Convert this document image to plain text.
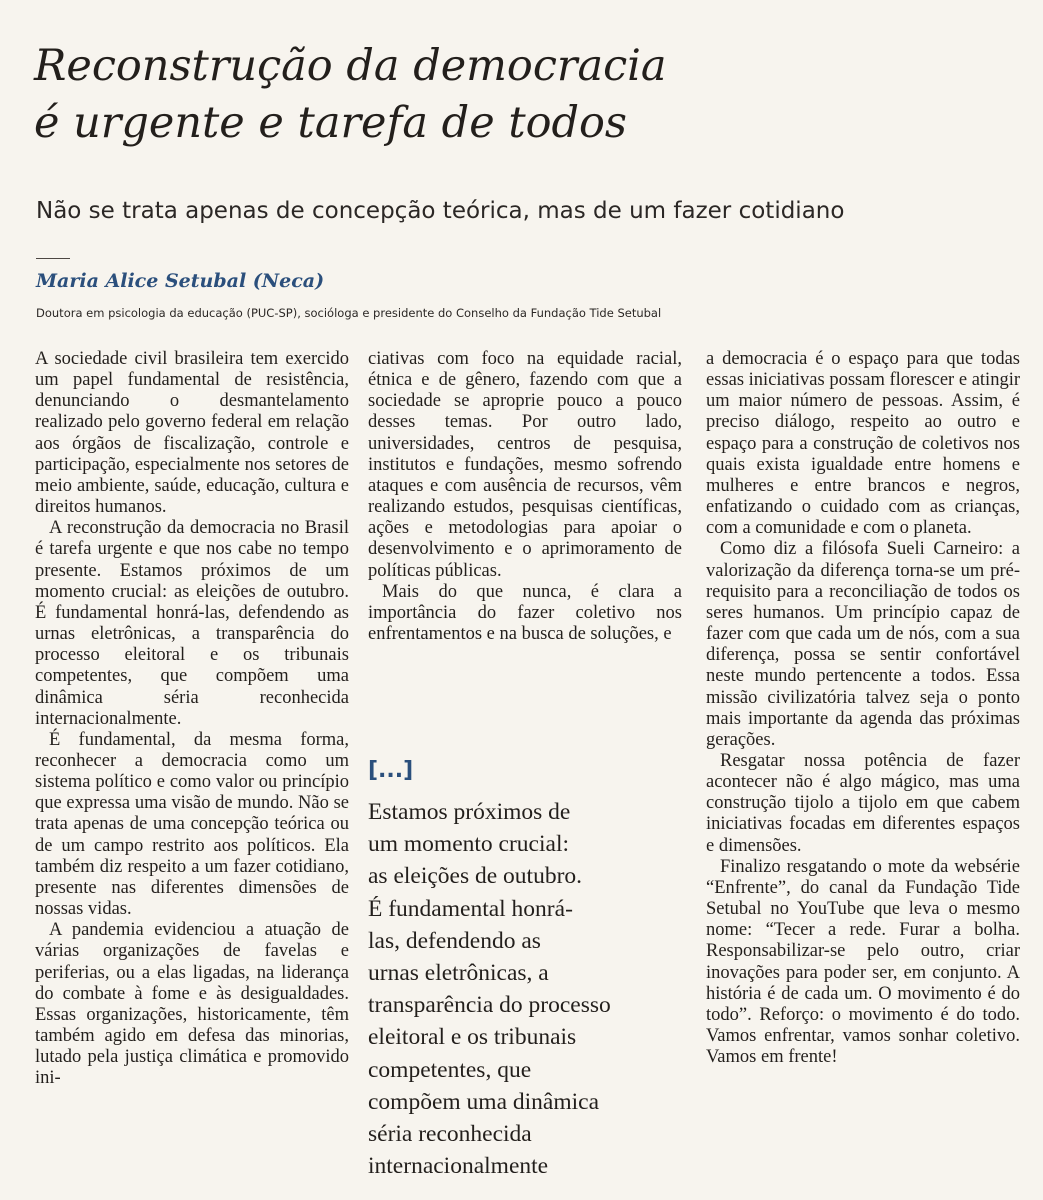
Reconstrução da democracia
é urgente e tarefa de todos

Não se trata apenas de concepção teórica, mas de um fazer cotidiano

Maria Alice Setubal (Neca)
Doutora em psicologia da educação (PUC-SP), socióloga e presidente do Conselho da Fundação Tide Setubal

A sociedade civil brasileira tem exercido um papel fundamental de resistência, denunciando o desmantelamento realizado pelo governo federal em relação aos órgãos de fiscalização, controle e participação, especialmente nos setores de meio ambiente, saúde, educação, cultura e direitos humanos.

A reconstrução da democracia no Brasil é tarefa urgente e que nos cabe no tempo presente. Estamos próximos de um momento crucial: as eleições de outubro. É fundamental honrá-las, defendendo as urnas eletrônicas, a transparência do processo eleitoral e os tribunais competentes, que compõem uma dinâmica séria reconhecida internacionalmente.

É fundamental, da mesma forma, reconhecer a democracia como um sistema político e como valor ou princípio que expressa uma visão de mundo. Não se trata apenas de uma concepção teórica ou de um campo restrito aos políticos. Ela também diz respeito a um fazer cotidiano, presente nas diferentes dimensões de nossas vidas.

A pandemia evidenciou a atuação de várias organizações de favelas e periferias, ou a elas ligadas, na liderança do combate à fome e às desigualdades. Essas organizações, historicamente, têm também agido em defesa das minorias, lutado pela justiça climática e promovido ini-

ciativas com foco na equidade racial, étnica e de gênero, fazendo com que a sociedade se aproprie pouco a pouco desses temas. Por outro lado, universidades, centros de pesquisa, institutos e fundações, mesmo sofrendo ataques e com ausência de recursos, vêm realizando estudos, pesquisas científicas, ações e metodologias para apoiar o desenvolvimento e o aprimoramento de políticas públicas.

Mais do que nunca, é clara a importância do fazer coletivo nos enfrentamentos e na busca de soluções, e

[...]
Estamos próximos de
um momento crucial:
as eleições de outubro.
É fundamental honrá-
las, defendendo as
urnas eletrônicas, a
transparência do processo
eleitoral e os tribunais
competentes, que
compõem uma dinâmica
séria reconhecida
internacionalmente

a democracia é o espaço para que todas essas iniciativas possam florescer e atingir um maior número de pessoas. Assim, é preciso diálogo, respeito ao outro e espaço para a construção de coletivos nos quais exista igualdade entre homens e mulheres e entre brancos e negros, enfatizando o cuidado com as crianças, com a comunidade e com o planeta.

Como diz a filósofa Sueli Carneiro: a valorização da diferença torna-se um pré-requisito para a reconciliação de todos os seres humanos. Um princípio capaz de fazer com que cada um de nós, com a sua diferença, possa se sentir confortável neste mundo pertencente a todos. Essa missão civilizatória talvez seja o ponto mais importante da agenda das próximas gerações.

Resgatar nossa potência de fazer acontecer não é algo mágico, mas uma construção tijolo a tijolo em que cabem iniciativas focadas em diferentes espaços e dimensões.

Finalizo resgatando o mote da websérie “Enfrente”, do canal da Fundação Tide Setubal no YouTube que leva o mesmo nome: “Tecer a rede. Furar a bolha. Responsabilizar-se pelo outro, criar inovações para poder ser, em conjunto. A história é de cada um. O movimento é do todo”. Reforço: o movimento é do todo. Vamos enfrentar, vamos sonhar coletivo. Vamos em frente!
